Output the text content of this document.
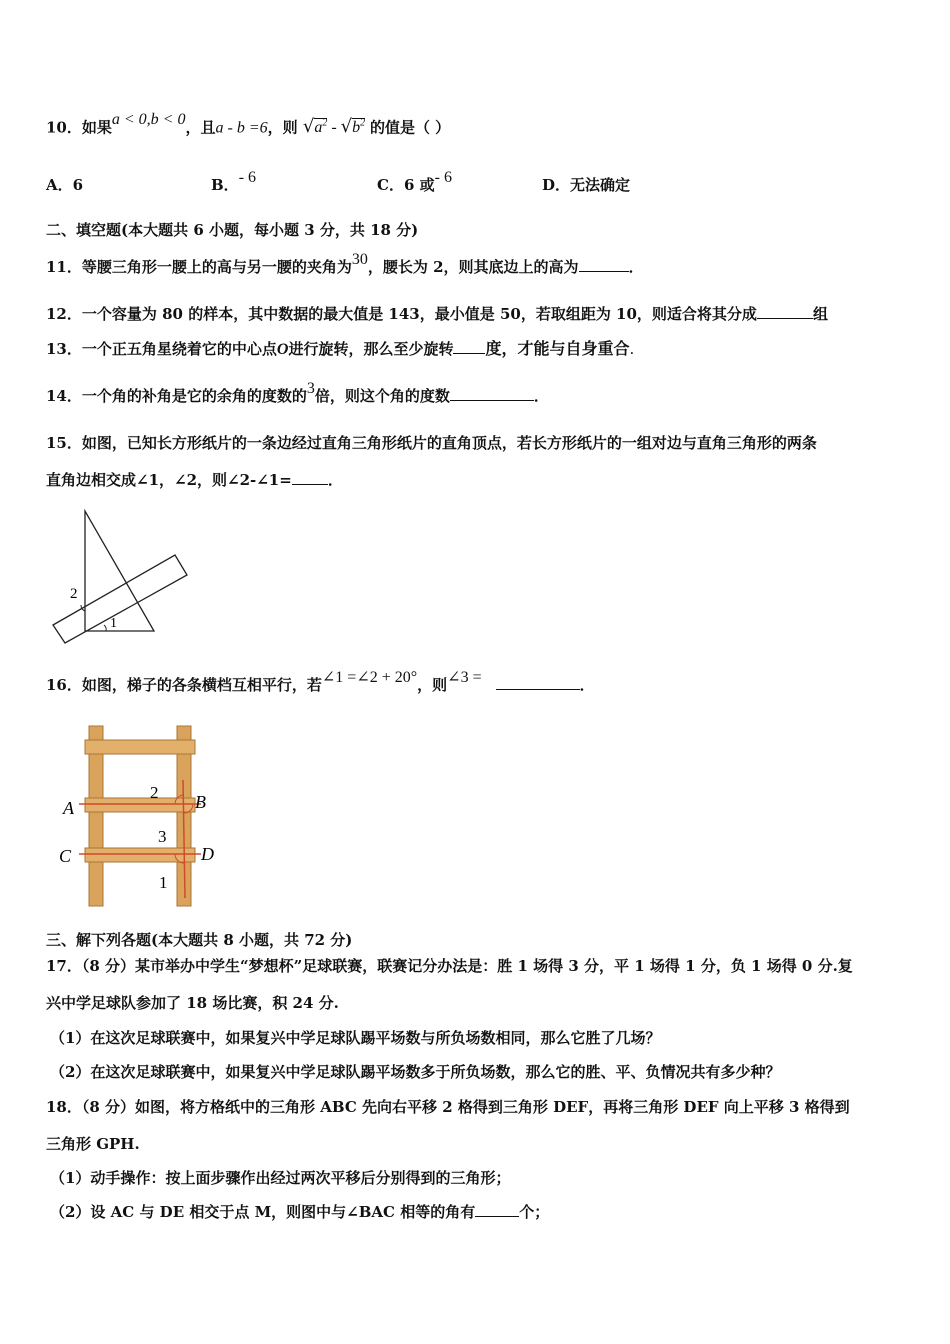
10．如果a < 0,b < 0，且a - b =6，则 $√a^2 - √b^2$ 的值是（ ）
A．6	B．- 6	C．6 或- 6	D．无法确定
二、填空题(本大题共 6 小题，每小题 3 分，共 18 分)
11．等腰三角形一腰上的高与另一腰的夹角为30，腰长为 2，则其底边上的高为	．
12．一个容量为 80 的样本，其中数据的最大值是 143，最小值是 50，若取组距为 10，则适合将其分成	组
13．一个正五角星绕着它的中心点O进行旋转，那么至少旋转 度，才能与自身重合.
14．一个角的补角是它的余角的度数的3倍，则这个角的度数	．
15．如图，已知长方形纸片的一条边经过直角三角形纸片的直角顶点，若长方形纸片的一组对边与直角三角形的两条
直角边相交成∠1，∠2，则∠2-∠1= ．
2
1
16．如图，梯子的各条横档互相平行，若∠1 =∠2 + 20°，则∠3 =	．
A	B
C	D
2
3
1
三、解下列各题(本大题共 8 小题，共 72 分)
17．（8 分）某市举办中学生“梦想杯”足球联赛，联赛记分办法是：胜 1 场得 3 分，平 1 场得 1 分，负 1 场得 0 分.复
兴中学足球队参加了 18 场比赛，积 24 分.
（1）在这次足球联赛中，如果复兴中学足球队踢平场数与所负场数相同，那么它胜了几场？
（2）在这次足球联赛中，如果复兴中学足球队踢平场数多于所负场数，那么它的胜、平、负情况共有多少种？
18．（8 分）如图，将方格纸中的三角形 ABC 先向右平移 2 格得到三角形 DEF，再将三角形 DEF 向上平移 3 格得到
三角形 GPH.
（1）动手操作：按上面步骤作出经过两次平移后分别得到的三角形；
（2）设 AC 与 DE 相交于点 M，则图中与∠BAC 相等的角有	个；
